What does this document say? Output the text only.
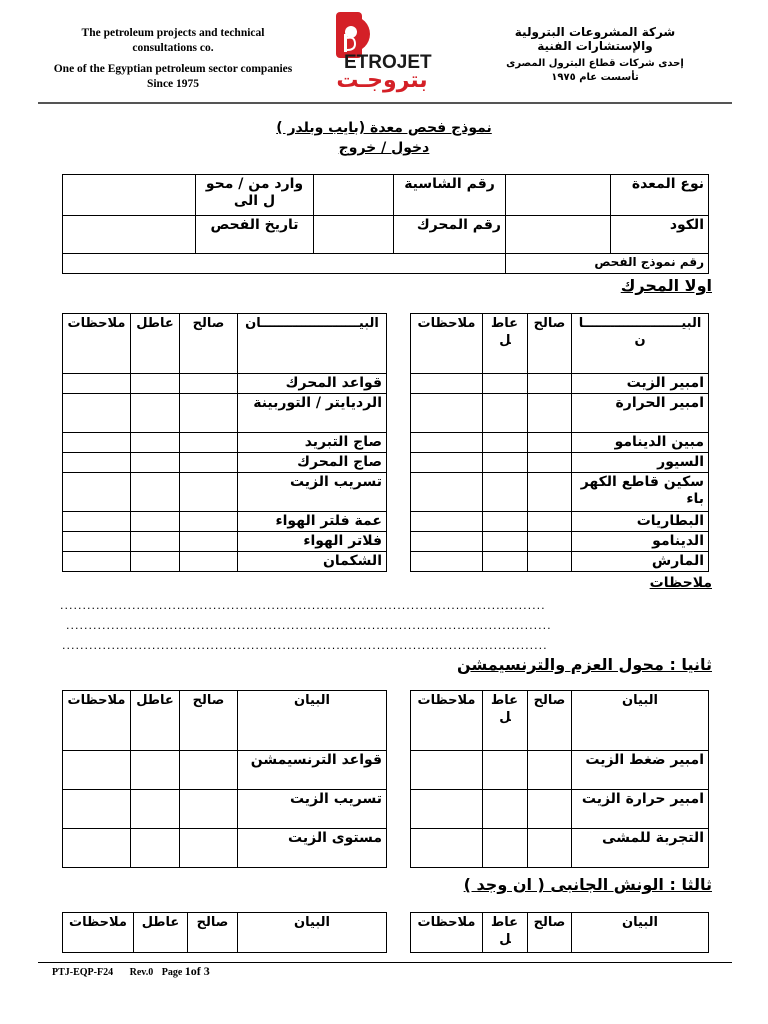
The petroleum projects and technical
consultations co.
One of the Egyptian petroleum sector companies
Since 1975
ETROJET
بتروجـت
شركة المشروعات البترولية
والإستشارات الفنية
إحدى شركات قطاع البترول المصرى
تأسست عام ١٩٧٥
نموذج فحص معدة (بايب وبلدر )
دخول / خروج
نوع المعدة		رقم الشاسية		وارد من / محول الى	
الكود		رقم المحرك		تاريخ الفحص	
رقم نموذج الفحص					
اولا المحرك
البيــــــــــــــــــــــان	صالح	عاطل	ملاحظات
امبير الزيت			
امبير الحرارة			
مبين الدينامو			
السيور			
سكين قاطع الكهرباء			
البطاريات			
الدينامو			
المارش			
البيــــــــــــــــــــــان	صالح	عاطل	ملاحظات
قواعد المحرك			
الرديايتر / التوربينة			
صاج التبريد			
صاج المحرك			
تسريب الزيت			
عمة فلتر الهواء			
فلاتر الهواء			
الشكمان			
ملاحظات
............................................................................................................
............................................................................................................
............................................................................................................
ثانيا : محول العزم والترنسيمشن
البيان	صالح	عاطل	ملاحظات
امبير ضغط الزيت			
امبير حرارة الزيت			
التجربة للمشى			
البيان	صالح	عاطل	ملاحظات
قواعد الترنسيمشن			
تسريب الزيت			
مستوى الزيت			
ثالثا : الونش الجانبى ( ان وجد )
البيان	صالح	عاطل	ملاحظات
البيان	صالح	عاطل	ملاحظات
PTJ-EQP-F24 Rev.0 Page 1of 3
